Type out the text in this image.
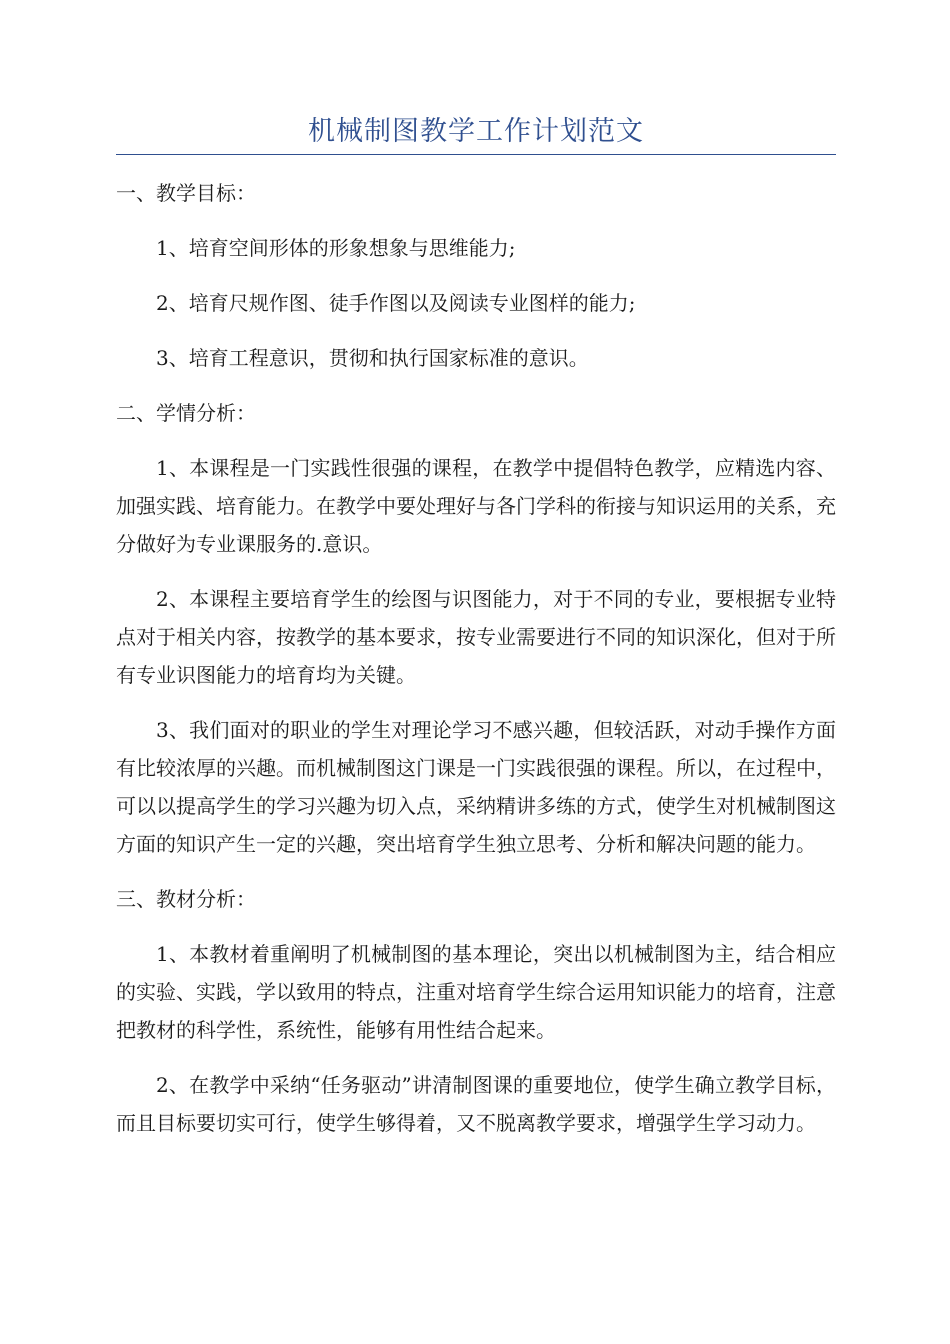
机械制图教学工作计划范文

一、教学目标：

1、培育空间形体的形象想象与思维能力;

2、培育尺规作图、徒手作图以及阅读专业图样的能力;

3、培育工程意识，贯彻和执行国家标准的意识。

二、学情分析：

1、本课程是一门实践性很强的课程，在教学中提倡特色教学，应精选内容、加强实践、培育能力。在教学中要处理好与各门学科的衔接与知识运用的关系，充分做好为专业课服务的.意识。

2、本课程主要培育学生的绘图与识图能力，对于不同的专业，要根据专业特点对于相关内容，按教学的基本要求，按专业需要进行不同的知识深化，但对于所有专业识图能力的培育均为关键。

3、我们面对的职业的学生对理论学习不感兴趣，但较活跃，对动手操作方面有比较浓厚的兴趣。而机械制图这门课是一门实践很强的课程。所以，在过程中，可以以提高学生的学习兴趣为切入点，采纳精讲多练的方式，使学生对机械制图这方面的知识产生一定的兴趣，突出培育学生独立思考、分析和解决问题的能力。

三、教材分析：

1、本教材着重阐明了机械制图的基本理论，突出以机械制图为主，结合相应的实验、实践，学以致用的特点，注重对培育学生综合运用知识能力的培育，注意把教材的科学性，系统性，能够有用性结合起来。

2、在教学中采纳“任务驱动”讲清制图课的重要地位，使学生确立教学目标，而且目标要切实可行，使学生够得着，又不脱离教学要求，增强学生学习动力。
